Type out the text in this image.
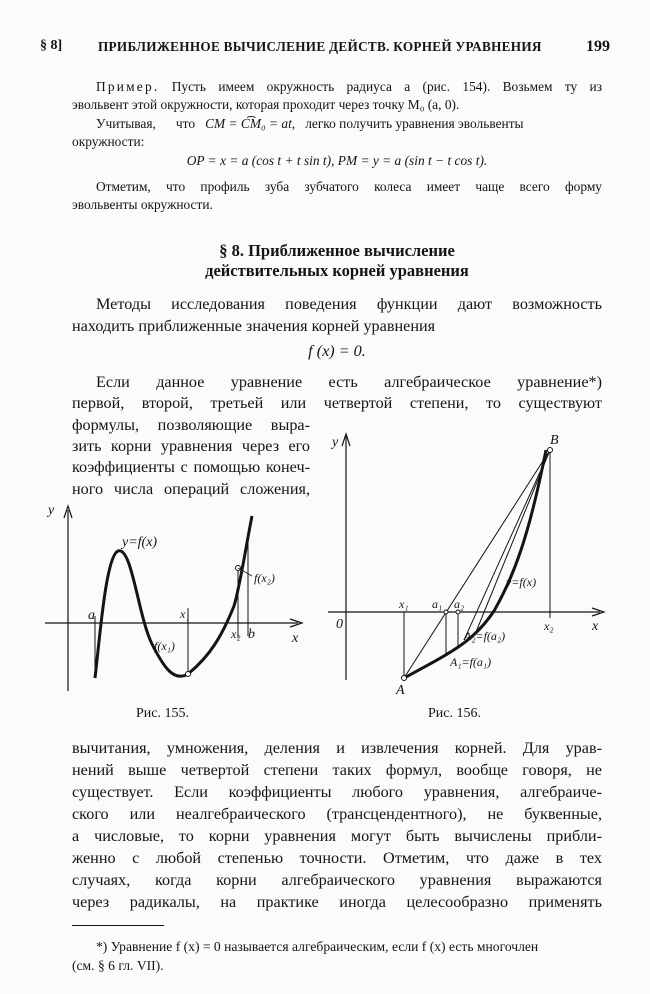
§ 8]	ПРИБЛИЖЕННОЕ ВЫЧИСЛЕНИЕ ДЕЙСТВ. КОРНЕЙ УРАВНЕНИЯ	199
Пример. Пусть имеем окружность радиуса a (рис. 154). Возьмем ту из
эвольвент этой окружности, которая проходит через точку M₀ (a, 0).
Учитывая, что CM = C͡M₀ = at, легко получить уравнения эвольвенты
окружности:
OP = x = a (cos t + t sin t), PM = y = a (sin t − t cos t).
Отметим, что профиль зуба зубчатого колеса имеет чаще всего форму
эвольвенты окружности.
§ 8. Приближенное вычисление
действительных корней уравнения
Методы исследования поведения функции дают возможность
находить приближенные значения корней уравнения
f (x) = 0.
Если данное уравнение есть алгебраическое уравнение*)
первой, второй, третьей или четвертой степени, то существуют
формулы, позволяющие выра-
зить корни уравнения через его
коэффициенты с помощью конеч-
ного числа операций сложения,
y
x
y=f(x)
a	x₁
x₂ b
f(x₁)
f(x₂)
Рис. 155.
y
x
0
B
A
x₁ a₁ a₂
x₂
y=f(x)
A₂=f(a₂)
A₁=f(a₁)
Рис. 156.
вычитания, умножения, деления и извлечения корней. Для урав-
нений выше четвертой степени таких формул, вообще говоря, не
существует. Если коэффициенты любого уравнения, алгебраиче-
ского или неалгебраического (трансцендентного), не буквенные,
а числовые, то корни уравнения могут быть вычислены прибли-
женно с любой степенью точности. Отметим, что даже в тех
случаях, когда корни алгебраического уравнения выражаются
через радикалы, на практике иногда целесообразно применять
*) Уравнение f (x) = 0 называется алгебраическим, если f (x) есть многочлен
(см. § 6 гл. VII).
